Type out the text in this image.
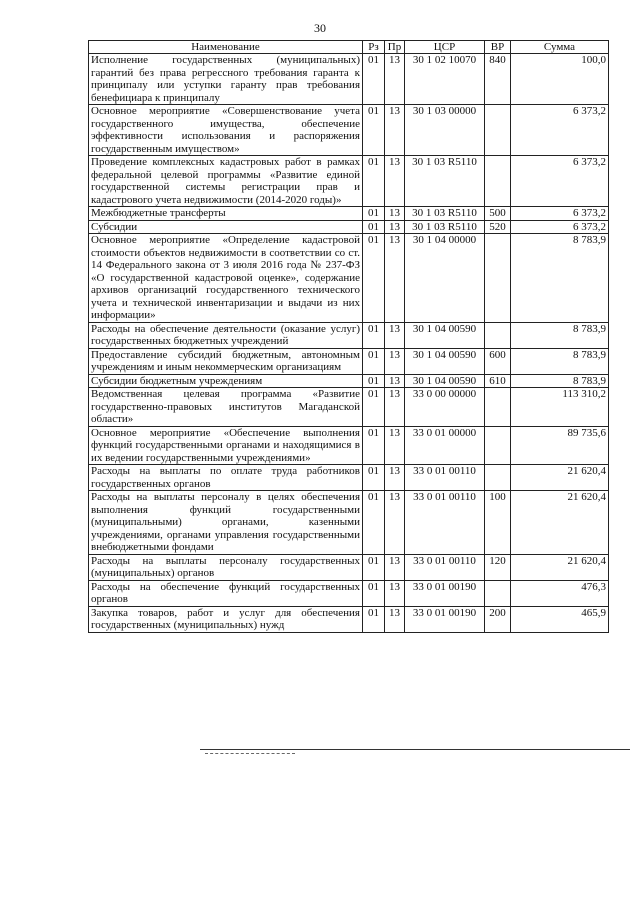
30
Наименование	Рз	Пр	ЦСР	ВР	Сумма
Исполнение государственных (муниципальных) гарантий без права регрессного требования гаранта к принципалу или уступки гаранту прав требования бенефициара к принципалу	01	13	30 1 02 10070	840	100,0
Основное мероприятие «Совершенствование учета государственного имущества, обеспечение эффективности использования и распоряжения государственным имуществом»	01	13	30 1 03 00000		6 373,2
Проведение комплексных кадастровых работ в рамках федеральной целевой программы «Развитие единой государственной системы регистрации прав и кадастрового учета недвижимости (2014-2020 годы)»	01	13	30 1 03 R5110		6 373,2
Межбюджетные трансферты	01	13	30 1 03 R5110	500	6 373,2
Субсидии	01	13	30 1 03 R5110	520	6 373,2
Основное мероприятие «Определение кадастровой стоимости объектов недвижимости в соответствии со ст. 14 Федерального закона от 3 июля 2016 года № 237-ФЗ «О государственной кадастровой оценке», содержание архивов организаций государственного технического учета и технической инвентаризации и выдачи из них информации»	01	13	30 1 04 00000		8 783,9
Расходы на обеспечение деятельности (оказание услуг) государственных бюджетных учреждений	01	13	30 1 04 00590		8 783,9
Предоставление субсидий бюджетным, автономным учреждениям и иным некоммерческим организациям	01	13	30 1 04 00590	600	8 783,9
Субсидии бюджетным учреждениям	01	13	30 1 04 00590	610	8 783,9
Ведомственная целевая программа «Развитие государственно-правовых институтов Магаданской области»	01	13	33 0 00 00000		113 310,2
Основное мероприятие «Обеспечение выполнения функций государственными органами и находящимися в их ведении государственными учреждениями»	01	13	33 0 01 00000		89 735,6
Расходы на выплаты по оплате труда работников государственных органов	01	13	33 0 01 00110		21 620,4
Расходы на выплаты персоналу в целях обеспечения выполнения функций государственными (муниципальными) органами, казенными учреждениями, органами управления государственными внебюджетными фондами	01	13	33 0 01 00110	100	21 620,4
Расходы на выплаты персоналу государственных (муниципальных) органов	01	13	33 0 01 00110	120	21 620,4
Расходы на обеспечение функций государственных органов	01	13	33 0 01 00190		476,3
Закупка товаров, работ и услуг для обеспечения государственных (муниципальных) нужд	01	13	33 0 01 00190	200	465,9
